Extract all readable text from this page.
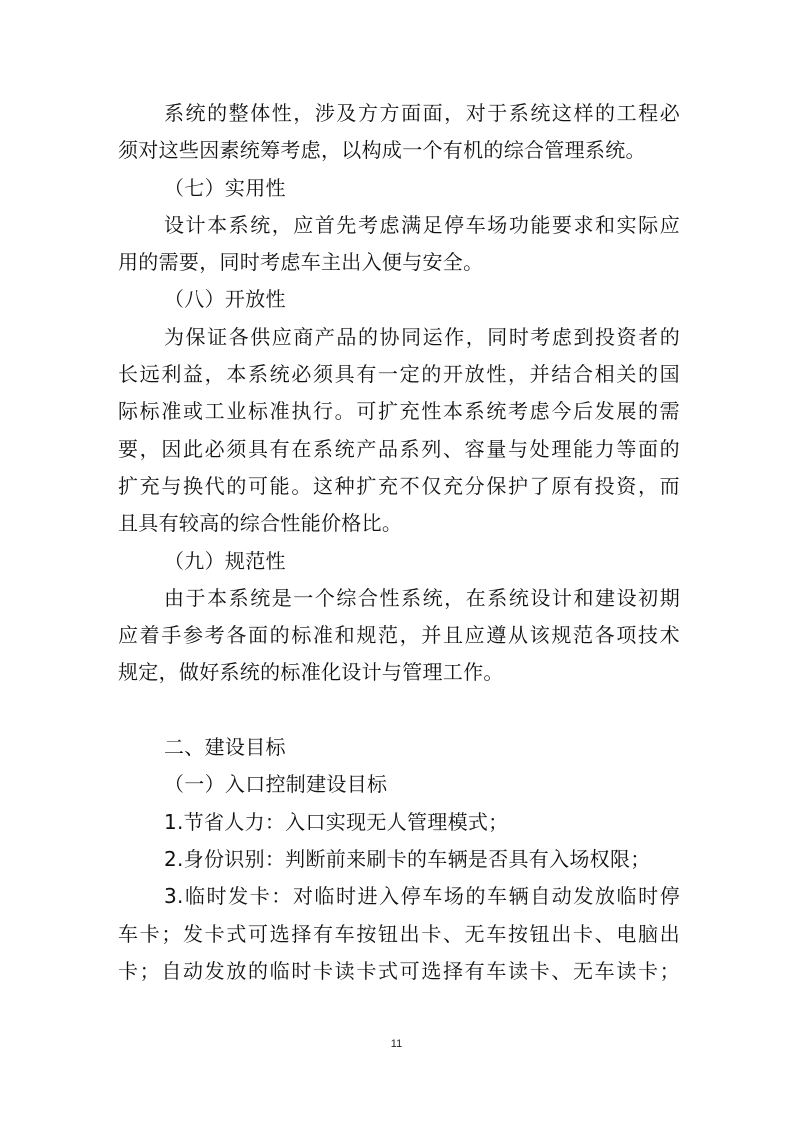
系统的整体性，涉及方方面面，对于系统这样的工程必
须对这些因素统筹考虑，以构成一个有机的综合管理系统。
（七）实用性
设计本系统，应首先考虑满足停车场功能要求和实际应
用的需要，同时考虑车主出入便与安全。
（八）开放性
为保证各供应商产品的协同运作，同时考虑到投资者的
长远利益，本系统必须具有一定的开放性，并结合相关的国
际标准或工业标准执行。可扩充性本系统考虑今后发展的需
要，因此必须具有在系统产品系列、容量与处理能力等面的
扩充与换代的可能。这种扩充不仅充分保护了原有投资，而
且具有较高的综合性能价格比。
（九）规范性
由于本系统是一个综合性系统，在系统设计和建设初期
应着手参考各面的标准和规范，并且应遵从该规范各项技术
规定，做好系统的标准化设计与管理工作。
二、建设目标
（一）入口控制建设目标
1.节省人力：入口实现无人管理模式；
2.身份识别：判断前来刷卡的车辆是否具有入场权限；
3.临时发卡：对临时进入停车场的车辆自动发放临时停
车卡；发卡式可选择有车按钮出卡、无车按钮出卡、电脑出
卡；自动发放的临时卡读卡式可选择有车读卡、无车读卡；
11
